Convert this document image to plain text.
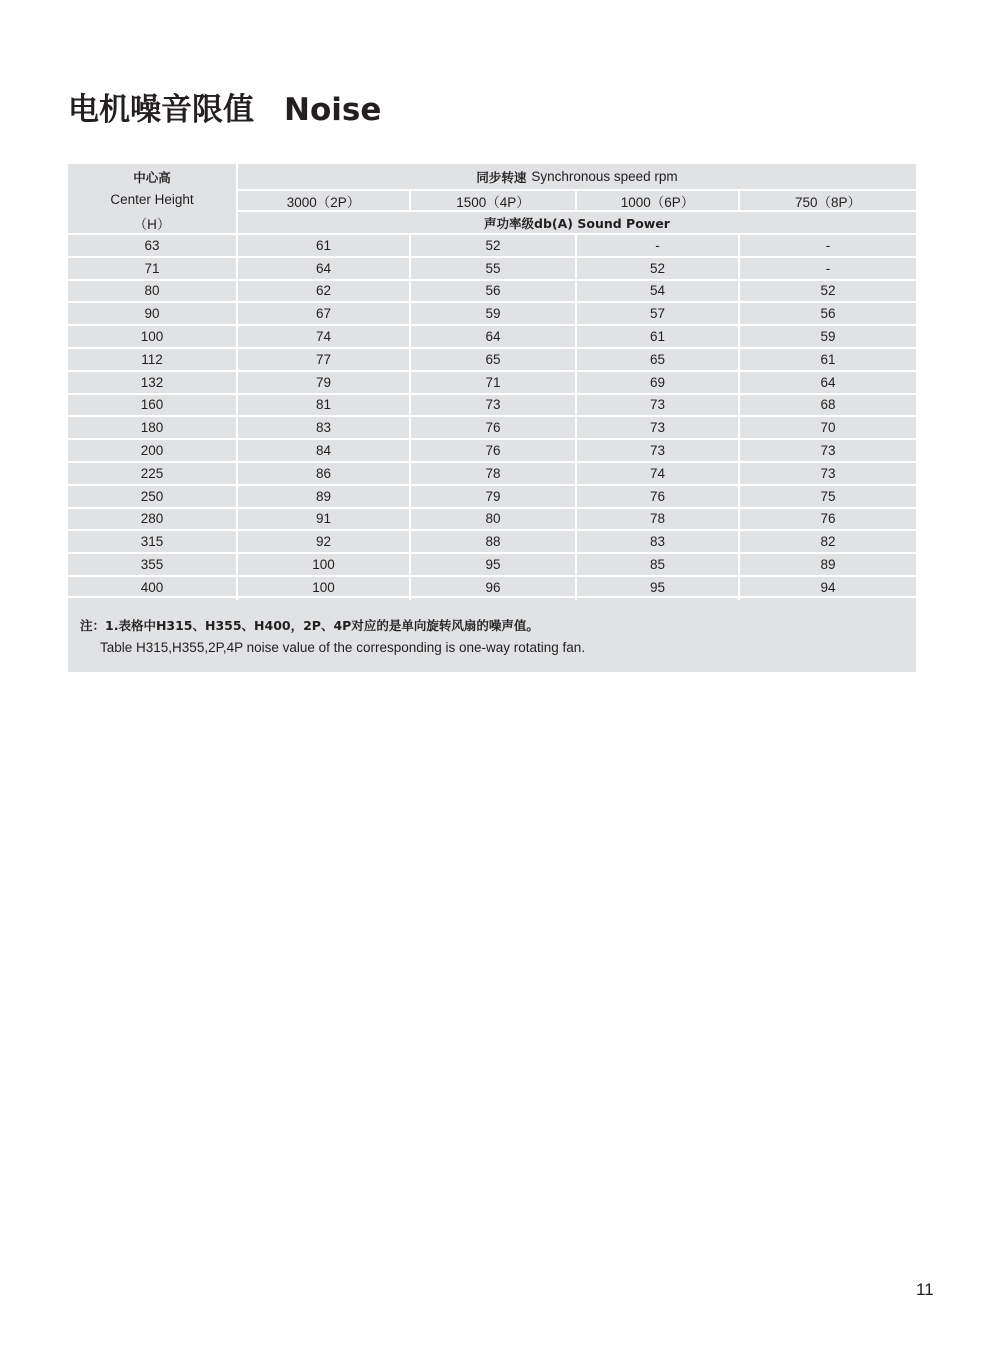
电机噪音限值 Noise
中心高
Center Height
（H）
同步转速 Synchronous speed rpm
3000（2P）	1500（4P）	1000（6P）	750（8P）
声功率级db(A) Sound Power
63	61	52	-	-
71	64	55	52	-
80	62	56	54	52
90	67	59	57	56
100	74	64	61	59
112	77	65	65	61
132	79	71	69	64
160	81	73	73	68
180	83	76	73	70
200	84	76	73	73
225	86	78	74	73
250	89	79	76	75
280	91	80	78	76
315	92	88	83	82
355	100	95	85	89
400	100	96	95	94
注：1.表格中H315、H355、H400，2P、4P对应的是单向旋转风扇的噪声值。
Table H315,H355,2P,4P noise value of the corresponding is one-way rotating fan.
11
